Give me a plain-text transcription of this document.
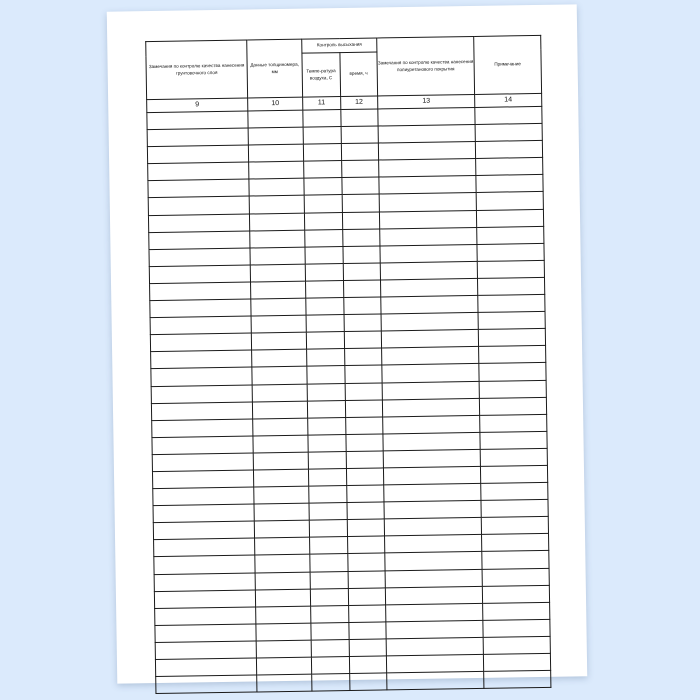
Замечания по контролю качества нанесения грунтовочного слоя	Данные толщиномера, мм	Контроль высыхания		Замечания по контролю качества нанесения полиуретанового покрытия	Примечание
		Темпе-ратура воздуха, С	время, ч		
9	10	11	12	13	14
